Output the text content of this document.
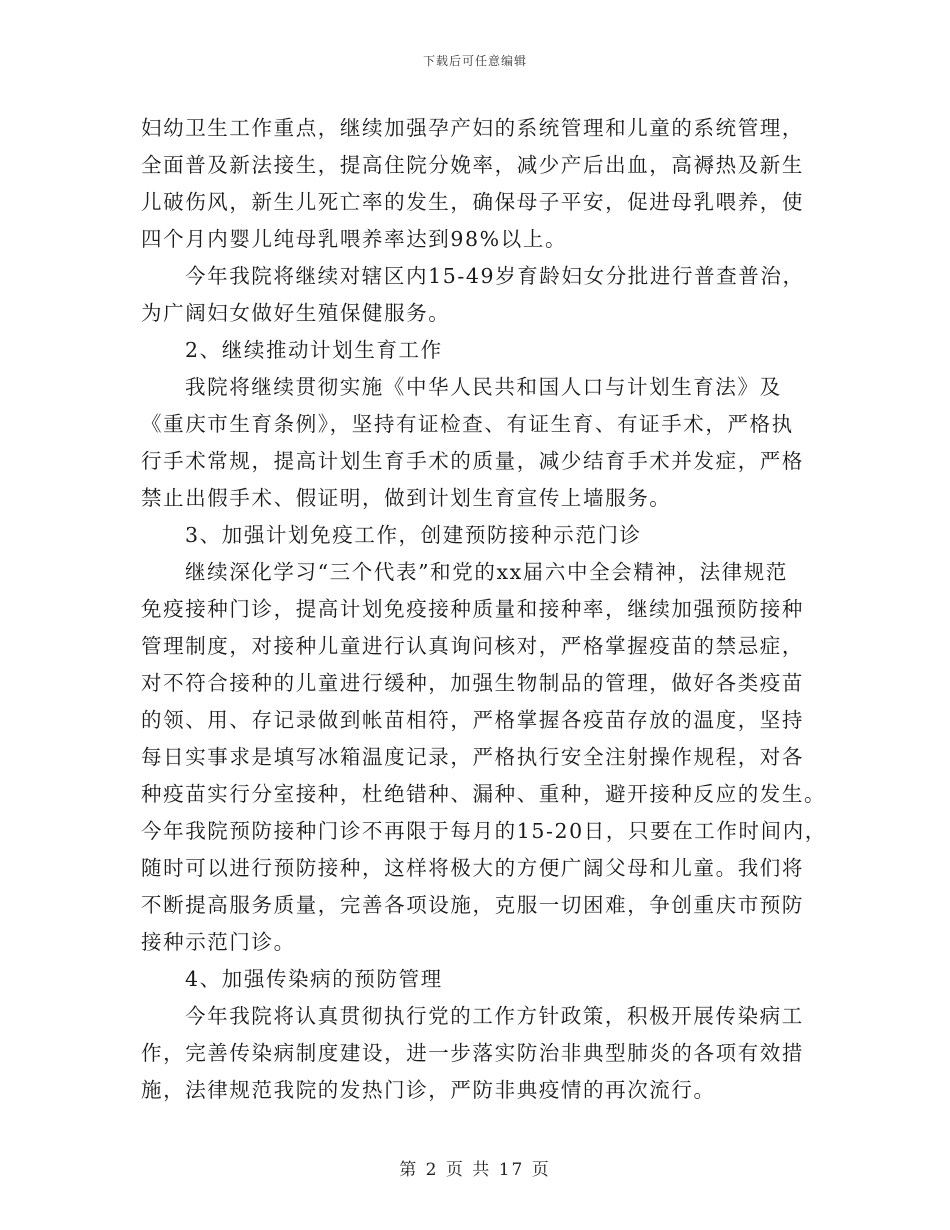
下载后可任意编辑
妇幼卫生工作重点，继续加强孕产妇的系统管理和儿童的系统管理，
全面普及新法接生，提高住院分娩率，减少产后出血，高褥热及新生
儿破伤风，新生儿死亡率的发生，确保母子平安，促进母乳喂养，使
四个月内婴儿纯母乳喂养率达到98%以上。
今年我院将继续对辖区内15-49岁育龄妇女分批进行普查普治，
为广阔妇女做好生殖保健服务。
2、继续推动计划生育工作
我院将继续贯彻实施《中华人民共和国人口与计划生育法》及
《重庆市生育条例》，坚持有证检查、有证生育、有证手术，严格执
行手术常规，提高计划生育手术的质量，减少结育手术并发症，严格
禁止出假手术、假证明，做到计划生育宣传上墙服务。
3、加强计划免疫工作，创建预防接种示范门诊
继续深化学习“三个代表”和党的xx届六中全会精神，法律规范
免疫接种门诊，提高计划免疫接种质量和接种率，继续加强预防接种
管理制度，对接种儿童进行认真询问核对，严格掌握疫苗的禁忌症，
对不符合接种的儿童进行缓种，加强生物制品的管理，做好各类疫苗
的领、用、存记录做到帐苗相符，严格掌握各疫苗存放的温度，坚持
每日实事求是填写冰箱温度记录，严格执行安全注射操作规程，对各
种疫苗实行分室接种，杜绝错种、漏种、重种，避开接种反应的发生。
今年我院预防接种门诊不再限于每月的15-20日，只要在工作时间内，
随时可以进行预防接种，这样将极大的方便广阔父母和儿童。我们将
不断提高服务质量，完善各项设施，克服一切困难，争创重庆市预防
接种示范门诊。
4、加强传染病的预防管理
今年我院将认真贯彻执行党的工作方针政策，积极开展传染病工
作，完善传染病制度建设，进一步落实防治非典型肺炎的各项有效措
施，法律规范我院的发热门诊，严防非典疫情的再次流行。
第 2 页 共 17 页
